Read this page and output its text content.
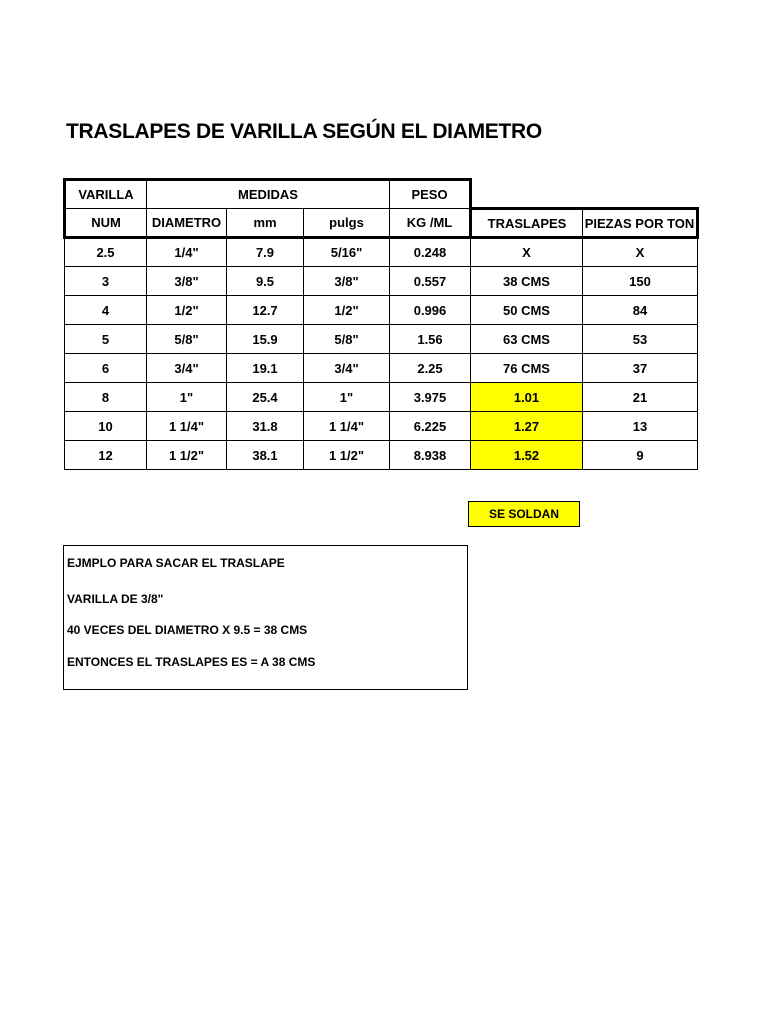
TRASLAPES DE VARILLA SEGÚN EL DIAMETRO
VARILLA	MEDIDAS			PESO		
NUM	DIAMETRO	mm	pulgs	KG /ML	TRASLAPES	PIEZAS POR TON
2.5	1/4"	7.9	5/16"	0.248	X	X
3	3/8"	9.5	3/8"	0.557	38 CMS	150
4	1/2"	12.7	1/2"	0.996	50 CMS	84
5	5/8"	15.9	5/8"	1.56	63 CMS	53
6	3/4"	19.1	3/4"	2.25	76 CMS	37
8	1"	25.4	1"	3.975	1.01	21
10	1 1/4"	31.8	1 1/4"	6.225	1.27	13
12	1 1/2"	38.1	1 1/2"	8.938	1.52	9
SE SOLDAN
EJMPLO PARA SACAR EL TRASLAPE
VARILLA DE 3/8"
40 VECES DEL DIAMETRO X 9.5 = 38 CMS
ENTONCES EL TRASLAPES ES = A 38 CMS
